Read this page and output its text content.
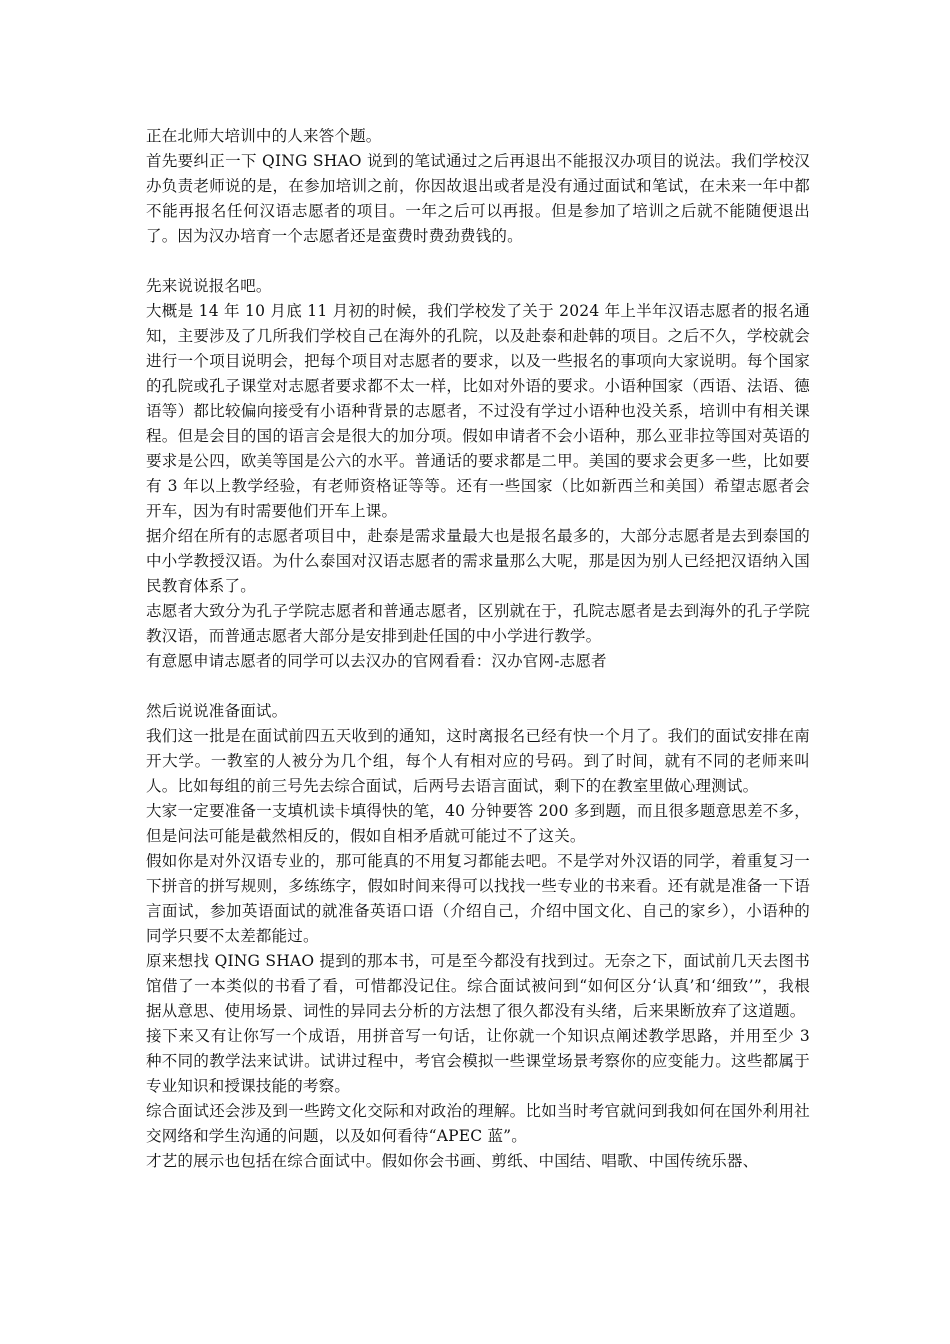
正在北师大培训中的人来答个题。

首先要纠正一下 QING SHAO 说到的笔试通过之后再退出不能报汉办项目的说法。我们学校汉办负责老师说的是，在参加培训之前，你因故退出或者是没有通过面试和笔试，在未来一年中都不能再报名任何汉语志愿者的项目。一年之后可以再报。但是参加了培训之后就不能随便退出了。因为汉办培育一个志愿者还是蛮费时费劲费钱的。

先来说说报名吧。

大概是 14 年 10 月底 11 月初的时候，我们学校发了关于 2024 年上半年汉语志愿者的报名通知，主要涉及了几所我们学校自己在海外的孔院，以及赴泰和赴韩的项目。之后不久，学校就会进行一个项目说明会，把每个项目对志愿者的要求，以及一些报名的事项向大家说明。每个国家的孔院或孔子课堂对志愿者要求都不太一样，比如对外语的要求。小语种国家（西语、法语、德语等）都比较偏向接受有小语种背景的志愿者，不过没有学过小语种也没关系，培训中有相关课程。但是会目的国的语言会是很大的加分项。假如申请者不会小语种，那么亚非拉等国对英语的要求是公四，欧美等国是公六的水平。普通话的要求都是二甲。美国的要求会更多一些，比如要有 3 年以上教学经验，有老师资格证等等。还有一些国家（比如新西兰和美国）希望志愿者会开车，因为有时需要他们开车上课。

据介绍在所有的志愿者项目中，赴泰是需求量最大也是报名最多的，大部分志愿者是去到泰国的中小学教授汉语。为什么泰国对汉语志愿者的需求量那么大呢，那是因为别人已经把汉语纳入国民教育体系了。

志愿者大致分为孔子学院志愿者和普通志愿者，区别就在于，孔院志愿者是去到海外的孔子学院教汉语，而普通志愿者大部分是安排到赴任国的中小学进行教学。

有意愿申请志愿者的同学可以去汉办的官网看看：汉办官网-志愿者

然后说说准备面试。

我们这一批是在面试前四五天收到的通知，这时离报名已经有快一个月了。我们的面试安排在南开大学。一教室的人被分为几个组，每个人有相对应的号码。到了时间，就有不同的老师来叫人。比如每组的前三号先去综合面试，后两号去语言面试，剩下的在教室里做心理测试。

大家一定要准备一支填机读卡填得快的笔，40 分钟要答 200 多到题，而且很多题意思差不多，但是问法可能是截然相反的，假如自相矛盾就可能过不了这关。

假如你是对外汉语专业的，那可能真的不用复习都能去吧。不是学对外汉语的同学，着重复习一下拼音的拼写规则，多练练字，假如时间来得可以找找一些专业的书来看。还有就是准备一下语言面试，参加英语面试的就准备英语口语（介绍自己，介绍中国文化、自己的家乡），小语种的同学只要不太差都能过。

原来想找 QING SHAO 提到的那本书，可是至今都没有找到过。无奈之下，面试前几天去图书馆借了一本类似的书看了看，可惜都没记住。综合面试被问到“如何区分‘认真’和‘细致’”，我根据从意思、使用场景、词性的异同去分析的方法想了很久都没有头绪，后来果断放弃了这道题。

接下来又有让你写一个成语，用拼音写一句话，让你就一个知识点阐述教学思路，并用至少 3 种不同的教学法来试讲。试讲过程中，考官会模拟一些课堂场景考察你的应变能力。这些都属于专业知识和授课技能的考察。

综合面试还会涉及到一些跨文化交际和对政治的理解。比如当时考官就问到我如何在国外利用社交网络和学生沟通的问题，以及如何看待“APEC 蓝”。

才艺的展示也包括在综合面试中。假如你会书画、剪纸、中国结、唱歌、中国传统乐器、
